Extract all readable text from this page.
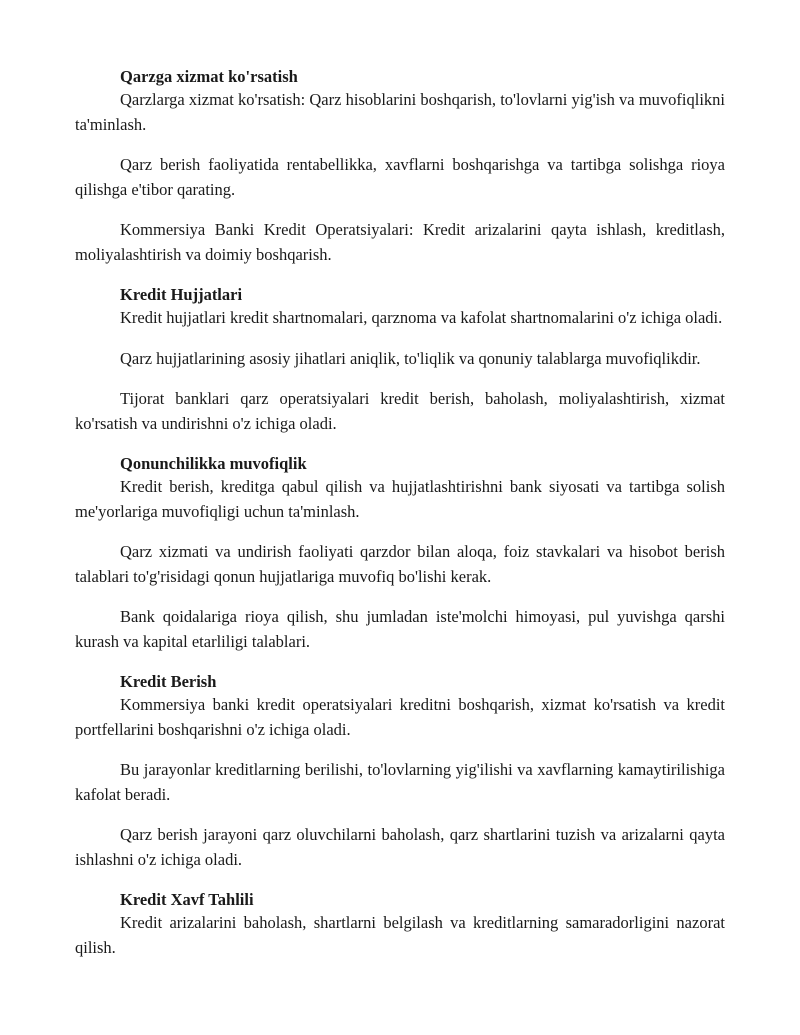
Qarzga xizmat ko'rsatish

Qarzlarga xizmat ko'rsatish: Qarz hisoblarini boshqarish, to'lovlarni yig'ish va muvofiqlikni ta'minlash.

Qarz berish faoliyatida rentabellikka, xavflarni boshqarishga va tartibga solishga rioya qilishga e'tibor qarating.

Kommersiya Banki Kredit Operatsiyalari: Kredit arizalarini qayta ishlash, kreditlash, moliyalashtirish va doimiy boshqarish.

Kredit Hujjatlari

Kredit hujjatlari kredit shartnomalari, qarznoma va kafolat shartnomalarini o'z ichiga oladi.

Qarz hujjatlarining asosiy jihatlari aniqlik, to'liqlik va qonuniy talablarga muvofiqlikdir.

Tijorat banklari qarz operatsiyalari kredit berish, baholash, moliyalashtirish, xizmat ko'rsatish va undirishni o'z ichiga oladi.

Qonunchilikka muvofiqlik

Kredit berish, kreditga qabul qilish va hujjatlashtirishni bank siyosati va tartibga solish me'yorlariga muvofiqligi uchun ta'minlash.

Qarz xizmati va undirish faoliyati qarzdor bilan aloqa, foiz stavkalari va hisobot berish talablari to'g'risidagi qonun hujjatlariga muvofiq bo'lishi kerak.

Bank qoidalariga rioya qilish, shu jumladan iste'molchi himoyasi, pul yuvishga qarshi kurash va kapital etarliligi talablari.

Kredit Berish

Kommersiya banki kredit operatsiyalari kreditni boshqarish, xizmat ko'rsatish va kredit portfellarini boshqarishni o'z ichiga oladi.

Bu jarayonlar kreditlarning berilishi, to'lovlarning yig'ilishi va xavflarning kamaytirilishiga kafolat beradi.

Qarz berish jarayoni qarz oluvchilarni baholash, qarz shartlarini tuzish va arizalarni qayta ishlashni o'z ichiga oladi.

Kredit Xavf Tahlili

Kredit arizalarini baholash, shartlarni belgilash va kreditlarning samaradorligini nazorat qilish.
